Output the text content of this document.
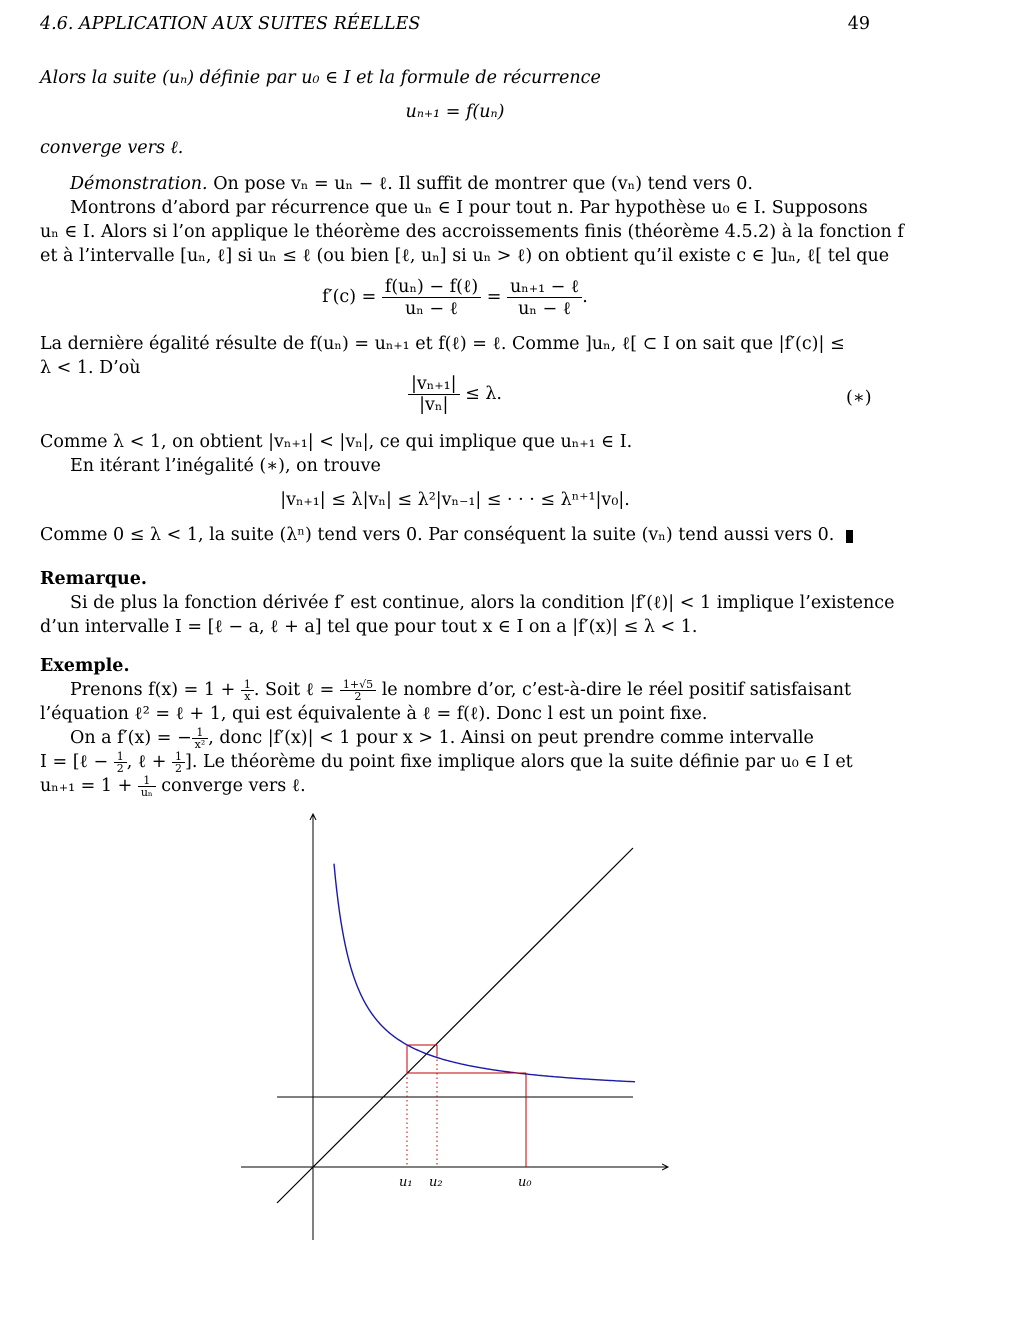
4.6. APPLICATION AUX SUITES RÉELLES	49
Alors la suite (uₙ) définie par u₀ ∈ I et la formule de récurrence
uₙ₊₁ = f(uₙ)
converge vers ℓ.
Démonstration. On pose vₙ = uₙ − ℓ. Il suffit de montrer que (vₙ) tend vers 0.
Montrons d’abord par récurrence que uₙ ∈ I pour tout n. Par hypothèse u₀ ∈ I. Supposons
uₙ ∈ I. Alors si l’on applique le théorème des accroissements finis (théorème 4.5.2) à la fonction f
et à l’intervalle [uₙ, ℓ] si uₙ ≤ ℓ (ou bien [ℓ, uₙ] si uₙ > ℓ) on obtient qu’il existe c ∈ ]uₙ, ℓ[ tel que
$f'(c) = \frac{\text{f(uₙ) − f(ℓ)}}{\text{uₙ − ℓ}} = \frac{\text{uₙ₊₁ − ℓ}}{\text{uₙ − ℓ}}$ .
La dernière égalité résulte de f(uₙ) = uₙ₊₁ et f(ℓ) = ℓ. Comme ]uₙ, ℓ[ ⊂ I on sait que |f′(c)| ≤
λ < 1. D’où
$\frac{\text{|vₙ₊₁|}}{\text{|vₙ|}} \le \lambda$.	(∗)
Comme λ < 1, on obtient |vₙ₊₁| < |vₙ|, ce qui implique que uₙ₊₁ ∈ I.
En itérant l’inégalité (∗), on trouve
|vₙ₊₁| ≤ λ|vₙ| ≤ λ²|vₙ₋₁| ≤ · · · ≤ λⁿ⁺¹|v₀|.
Comme 0 ≤ λ < 1, la suite (λⁿ) tend vers 0. Par conséquent la suite (vₙ) tend aussi vers 0.
Remarque.
Si de plus la fonction dérivée f′ est continue, alors la condition |f′(ℓ)| < 1 implique l’existence
d’un intervalle I = [ℓ − a, ℓ + a] tel que pour tout x ∈ I on a |f′(x)| ≤ λ < 1.
Exemple.
Prenons $f(x) = 1 + \frac{1}{x}$ . Soit ℓ = $\frac{1+√5}{2}$ le nombre d’or, c’est-à-dire le réel positif satisfaisant
l’équation ℓ² = ℓ + 1, qui est équivalente à ℓ = f(ℓ). Donc l est un point fixe.
On a f′(x) = − $\frac{1}{\text{x²}}$ , donc |f′(x)| < 1 pour x > 1. Ainsi on peut prendre comme intervalle
I = [ℓ − $\frac{1}{2}$ , ℓ + $\frac{1}{2}$ ]. Le théorème du point fixe implique alors que la suite définie par u₀ ∈ I et
$u_{n+1} = 1 + \frac{1}{\text{uₙ}}$ converge vers ℓ.
u₁ u₂	u₀
